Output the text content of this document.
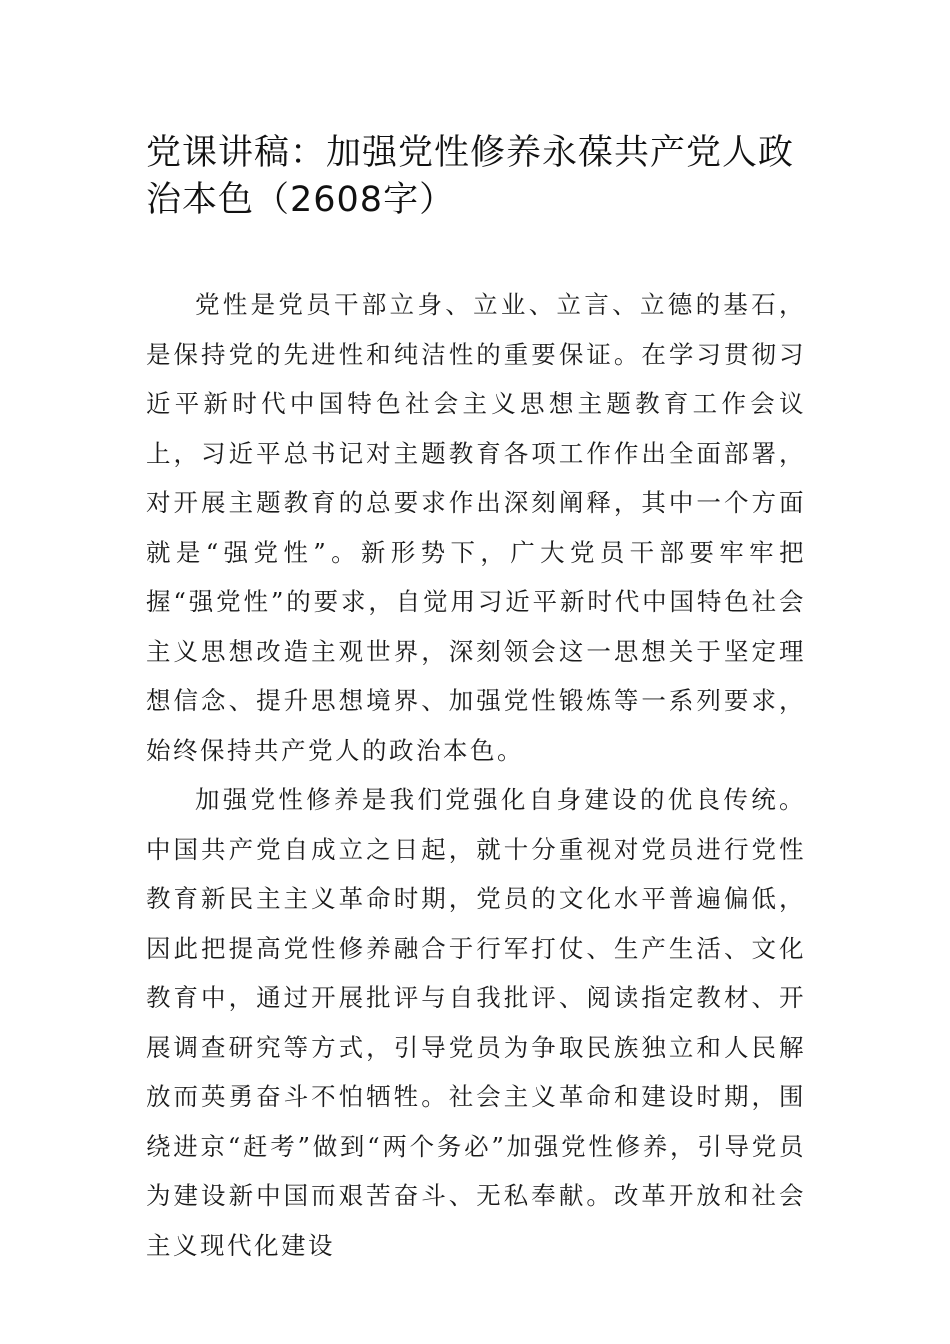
党课讲稿：加强党性修养永葆共产党人政治本色（2608字）

党性是党员干部立身、立业、立言、立德的基石，是保持党的先进性和纯洁性的重要保证。在学习贯彻习近平新时代中国特色社会主义思想主题教育工作会议上，习近平总书记对主题教育各项工作作出全面部署，对开展主题教育的总要求作出深刻阐释，其中一个方面就是“强党性”。新形势下，广大党员干部要牢牢把握“强党性”的要求，自觉用习近平新时代中国特色社会主义思想改造主观世界，深刻领会这一思想关于坚定理想信念、提升思想境界、加强党性锻炼等一系列要求，始终保持共产党人的政治本色。

加强党性修养是我们党强化自身建设的优良传统。中国共产党自成立之日起，就十分重视对党员进行党性教育新民主主义革命时期，党员的文化水平普遍偏低，因此把提高党性修养融合于行军打仗、生产生活、文化教育中，通过开展批评与自我批评、阅读指定教材、开展调查研究等方式，引导党员为争取民族独立和人民解放而英勇奋斗不怕牺牲。社会主义革命和建设时期，围绕进京“赶考”做到“两个务必”加强党性修养，引导党员为建设新中国而艰苦奋斗、无私奉献。改革开放和社会主义现代化建设
